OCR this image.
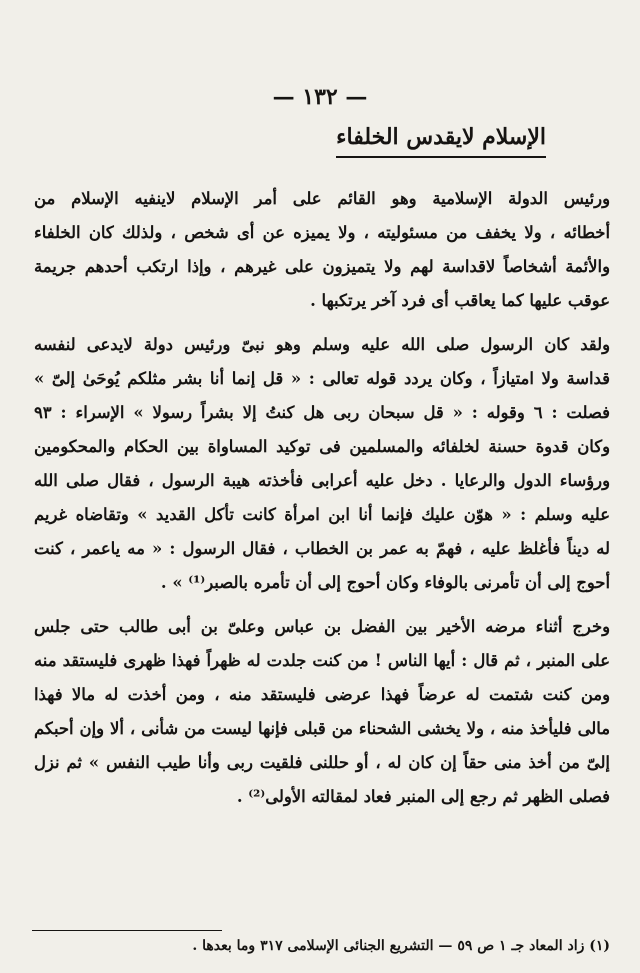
— ١٣٢ —
الإسلام لايقدس الخلفاء
ورئيس الدولة الإسلامية وهو القائم على أمر الإسلام لاينفيه الإسلام من
أخطائه ، ولا يخفف من مسئوليته ، ولا يميزه عن أى شخص ، ولذلك كان الخلفاء
والأئمة أشخاصاً لاقداسة لهم ولا يتميزون على غيرهم ، وإذا ارتكب أحدهم جريمة
عوقب عليها كما يعاقب أى فرد آخر يرتكبها .
ولقد كان الرسول صلى الله عليه وسلم وهو نبىّ ورئيس دولة لايدعى لنفسه
قداسة ولا امتيازاً ، وكان يردد قوله تعالى : « قل إنما أنا بشر مثلكم يُوحَىٰ إلىّ »
فصلت : ٦ وقوله : « قل سبحان ربى هل كنتُ إلا بشراً رسولا » الإسراء : ٩٣
وكان قدوة حسنة لخلفائه والمسلمين فى توكيد المساواة بين الحكام والمحكومين
ورؤساء الدول والرعايا . دخل عليه أعرابى فأخذته هيبة الرسول ، فقال صلى الله
عليه وسلم : « هوّن عليك فإنما أنا ابن امرأة كانت تأكل القديد » وتقاضاه غريم
له ديناً فأغلظ عليه ، فهمّ به عمر بن الخطاب ، فقال الرسول : « مه ياعمر ، كنت
أحوج إلى أن تأمرنى بالوفاء وكان أحوج إلى أن تأمره بالصبر⁽¹⁾ » .
وخرج أثناء مرضه الأخير بين الفضل بن عباس وعلىّ بن أبى طالب حتى جلس
على المنبر ، ثم قال : أيها الناس ! من كنت جلدت له ظهراً فهذا ظهرى فليستقد منه
ومن كنت شتمت له عرضاً فهذا عرضى فليستقد منه ، ومن أخذت له مالا فهذا
مالى فليأخذ منه ، ولا يخشى الشحناء من قبلى فإنها ليست من شأنى ، ألا وإن أحبكم
إلىّ من أخذ منى حقاً إن كان له ، أو حللنى فلقيت ربى وأنا طيب النفس » ثم نزل
فصلى الظهر ثم رجع إلى المنبر فعاد لمقالته الأولى⁽²⁾ .
(١) زاد المعاد جـ ١ ص ٥٩ — التشريع الجنائى الإسلامى ٣١٧ وما بعدها .
